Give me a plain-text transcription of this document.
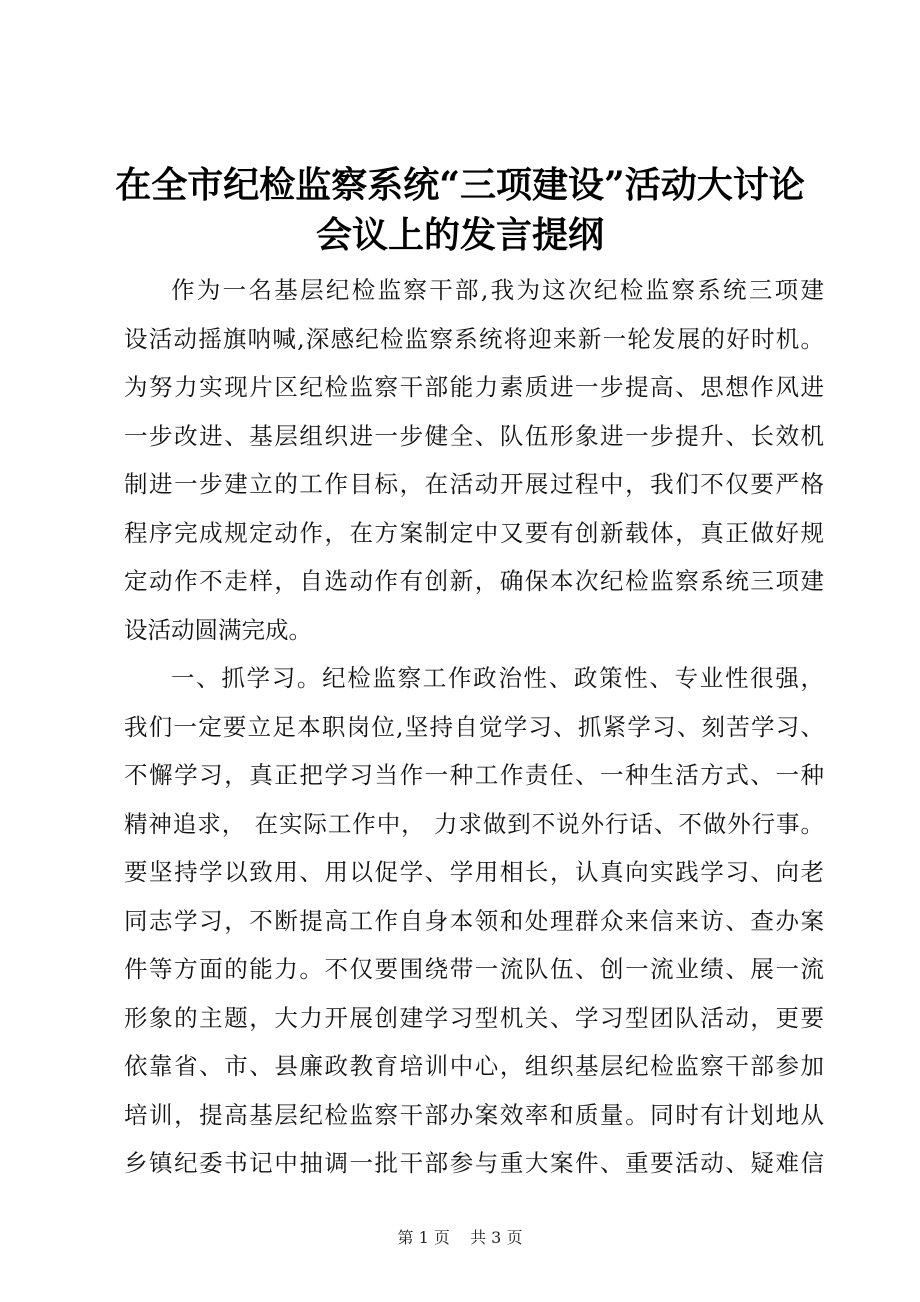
在全市纪检监察系统“三项建设”活动大讨论
会议上的发言提纲
作为一名基层纪检监察干部,我为这次纪检监察系统三项建
设活动摇旗呐喊,深感纪检监察系统将迎来新一轮发展的好时机。
为努力实现片区纪检监察干部能力素质进一步提高、思想作风进
一步改进、基层组织进一步健全、队伍形象进一步提升、长效机
制进一步建立的工作目标，在活动开展过程中，我们不仅要严格
程序完成规定动作，在方案制定中又要有创新载体，真正做好规
定动作不走样，自选动作有创新，确保本次纪检监察系统三项建
设活动圆满完成。
一、抓学习。纪检监察工作政治性、政策性、专业性很强，
我们一定要立足本职岗位,坚持自觉学习、抓紧学习、刻苦学习、
不懈学习，真正把学习当作一种工作责任、一种生活方式、一种
精神追求， 在实际工作中， 力求做到不说外行话、不做外行事。
要坚持学以致用、用以促学、学用相长，认真向实践学习、向老
同志学习，不断提高工作自身本领和处理群众来信来访、查办案
件等方面的能力。不仅要围绕带一流队伍、创一流业绩、展一流
形象的主题，大力开展创建学习型机关、学习型团队活动，更要
依靠省、市、县廉政教育培训中心，组织基层纪检监察干部参加
培训，提高基层纪检监察干部办案效率和质量。同时有计划地从
乡镇纪委书记中抽调一批干部参与重大案件、重要活动、疑难信
第 1 页 共 3 页
